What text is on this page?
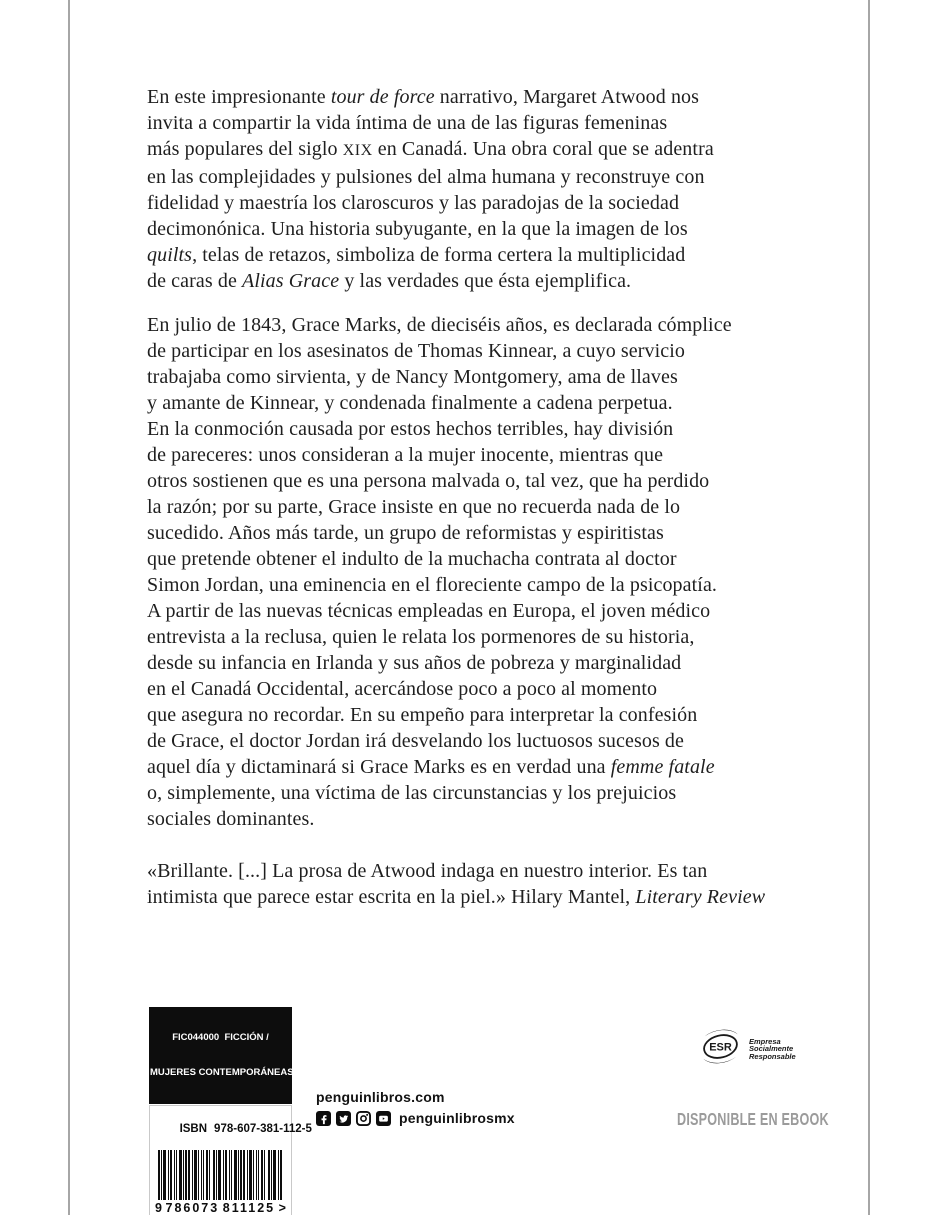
En este impresionante tour de force narrativo, Margaret Atwood nos
invita a compartir la vida íntima de una de las figuras femeninas
más populares del siglo XIX en Canadá. Una obra coral que se adentra
en las complejidades y pulsiones del alma humana y reconstruye con
fidelidad y maestría los claroscuros y las paradojas de la sociedad
decimonónica. Una historia subyugante, en la que la imagen de los
quilts, telas de retazos, simboliza de forma certera la multiplicidad
de caras de Alias Grace y las verdades que ésta ejemplifica.

En julio de 1843, Grace Marks, de dieciséis años, es declarada cómplice
de participar en los asesinatos de Thomas Kinnear, a cuyo servicio
trabajaba como sirvienta, y de Nancy Montgomery, ama de llaves
y amante de Kinnear, y condenada finalmente a cadena perpetua.
En la conmoción causada por estos hechos terribles, hay división
de pareceres: unos consideran a la mujer inocente, mientras que
otros sostienen que es una persona malvada o, tal vez, que ha perdido
la razón; por su parte, Grace insiste en que no recuerda nada de lo
sucedido. Años más tarde, un grupo de reformistas y espiritistas
que pretende obtener el indulto de la muchacha contrata al doctor
Simon Jordan, una eminencia en el floreciente campo de la psicopatía.
A partir de las nuevas técnicas empleadas en Europa, el joven médico
entrevista a la reclusa, quien le relata los pormenores de su historia,
desde su infancia en Irlanda y sus años de pobreza y marginalidad
en el Canadá Occidental, acercándose poco a poco al momento
que asegura no recordar. En su empeño para interpretar la confesión
de Grace, el doctor Jordan irá desvelando los luctuosos sucesos de
aquel día y dictaminará si Grace Marks es en verdad una femme fatale
o, simplemente, una víctima de las circunstancias y los prejuicios
sociales dominantes.

«Brillante. [...] La prosa de Atwood indaga en nuestro interior. Es tan
intimista que parece estar escrita en la piel.» Hilary Mantel, Literary Review

FIC044000  FICCIÓN /

MUJERES CONTEMPORÁNEAS

ISBN 978-607-381-112-5

9 786073 811125 >
penguinlibros.com
penguinlibrosmx
ESR
Empresa
Socialmente
Responsable
DISPONIBLE EN EBOOK
